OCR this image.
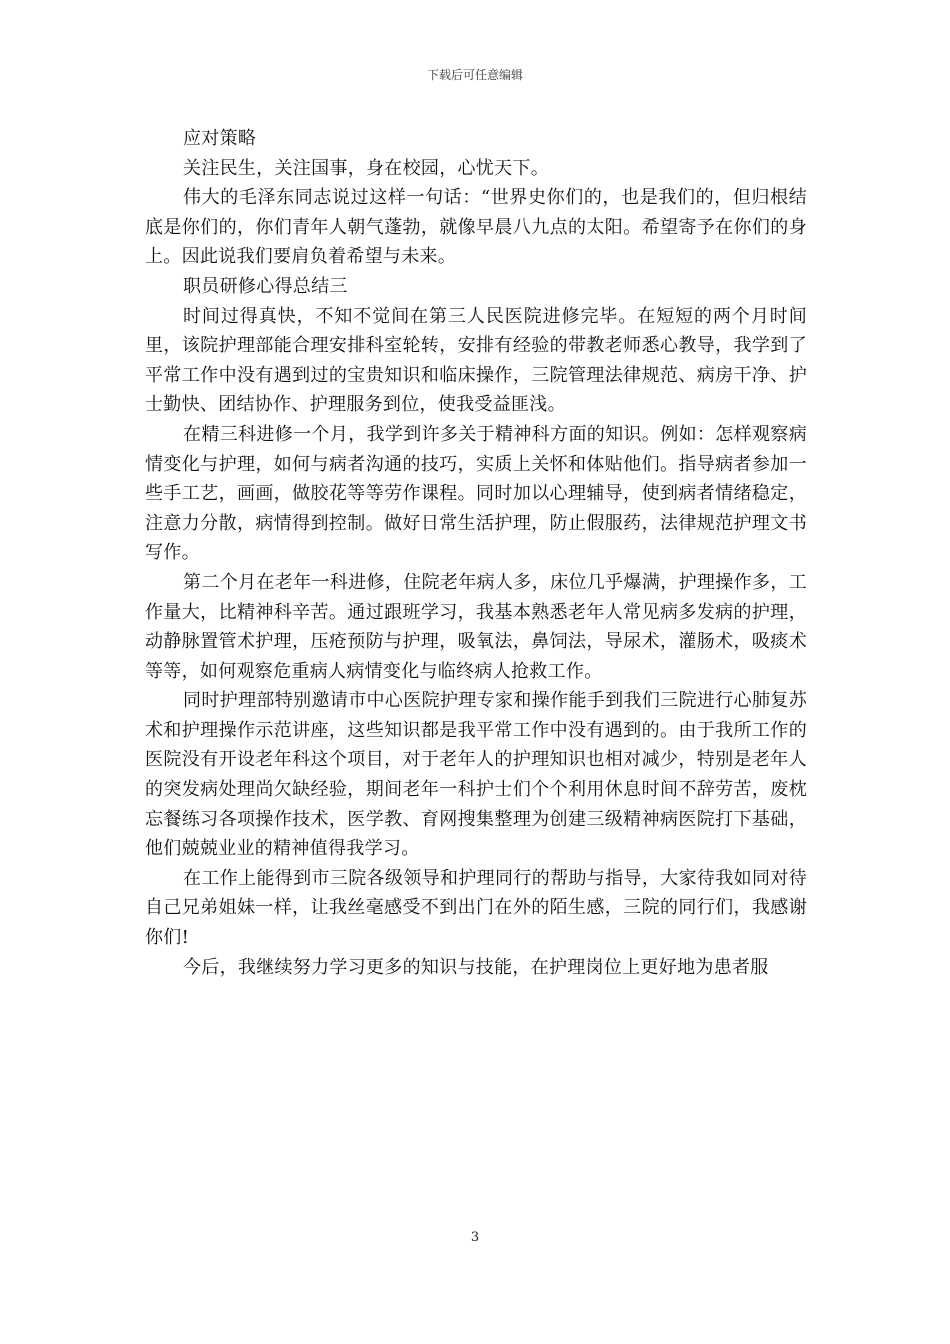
下载后可任意编辑

应对策略

关注民生，关注国事，身在校园，心忧天下。

伟大的毛泽东同志说过这样一句话：“世界史你们的，也是我们的，但归根结底是你们的，你们青年人朝气蓬勃，就像早晨八九点的太阳。希望寄予在你们的身上。因此说我们要肩负着希望与未来。

职员研修心得总结三

时间过得真快，不知不觉间在第三人民医院进修完毕。在短短的两个月时间里，该院护理部能合理安排科室轮转，安排有经验的带教老师悉心教导，我学到了平常工作中没有遇到过的宝贵知识和临床操作，三院管理法律规范、病房干净、护士勤快、团结协作、护理服务到位，使我受益匪浅。

在精三科进修一个月，我学到许多关于精神科方面的知识。例如：怎样观察病情变化与护理，如何与病者沟通的技巧，实质上关怀和体贴他们。指导病者参加一些手工艺，画画，做胶花等等劳作课程。同时加以心理辅导，使到病者情绪稳定，注意力分散，病情得到控制。做好日常生活护理，防止假服药，法律规范护理文书写作。

第二个月在老年一科进修，住院老年病人多，床位几乎爆满，护理操作多，工作量大，比精神科辛苦。通过跟班学习，我基本熟悉老年人常见病多发病的护理，动静脉置管术护理，压疮预防与护理，吸氧法，鼻饲法，导尿术，灌肠术，吸痰术等等，如何观察危重病人病情变化与临终病人抢救工作。

同时护理部特别邀请市中心医院护理专家和操作能手到我们三院进行心肺复苏术和护理操作示范讲座，这些知识都是我平常工作中没有遇到的。由于我所工作的医院没有开设老年科这个项目，对于老年人的护理知识也相对减少，特别是老年人的突发病处理尚欠缺经验，期间老年一科护士们个个利用休息时间不辞劳苦，废枕忘餐练习各项操作技术，医学教、育网搜集整理为创建三级精神病医院打下基础，他们兢兢业业的精神值得我学习。

在工作上能得到市三院各级领导和护理同行的帮助与指导，大家待我如同对待自己兄弟姐妹一样，让我丝毫感受不到出门在外的陌生感，三院的同行们，我感谢你们!

今后，我继续努力学习更多的知识与技能，在护理岗位上更好地为患者服

3
